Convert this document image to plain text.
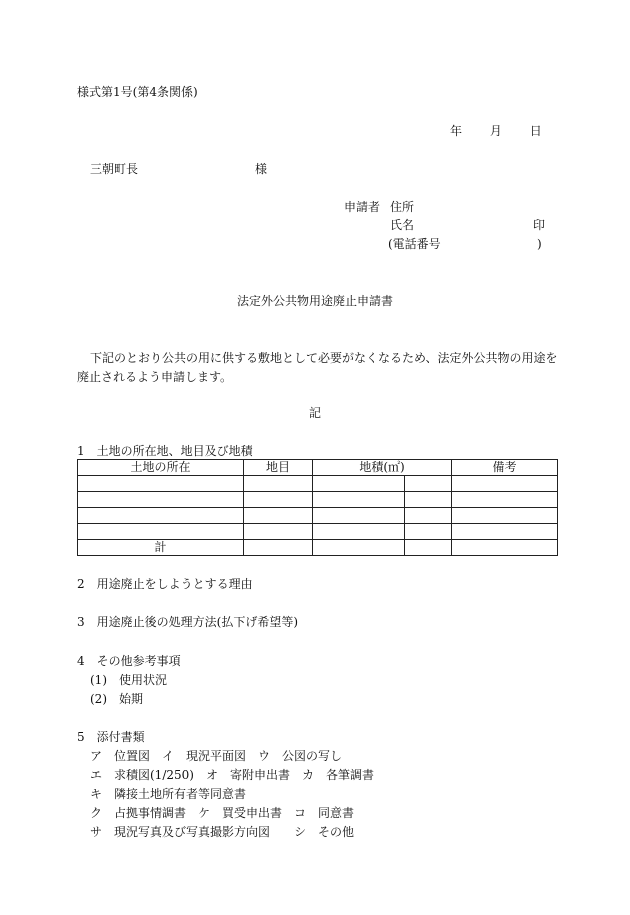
様式第1号(第4条関係)
年 月 日
三朝町長	様
申請者 住所
氏名	印
(電話番号	)
法定外公共物用途廃止申請書
下記のとおり公共の用に供する敷地として必要がなくなるため、法定外公共物の用途を
廃止されるよう申請します。
記
1　土地の所在地、地目及び地積
土地の所在	地目	地積(㎡)		備考

計				
2　用途廃止をしようとする理由
3　用途廃止後の処理方法(払下げ希望等)
4　その他参考事項
(1)　使用状況
(2)　始期
5　添付書類
ア　位置図　イ　現況平面図　ウ　公図の写し
エ　求積図(1/250)　オ　寄附申出書　カ　各筆調書
キ　隣接土地所有者等同意書
ク　占拠事情調書　ケ　買受申出書　コ　同意書
サ　現況写真及び写真撮影方向図　　シ　その他
